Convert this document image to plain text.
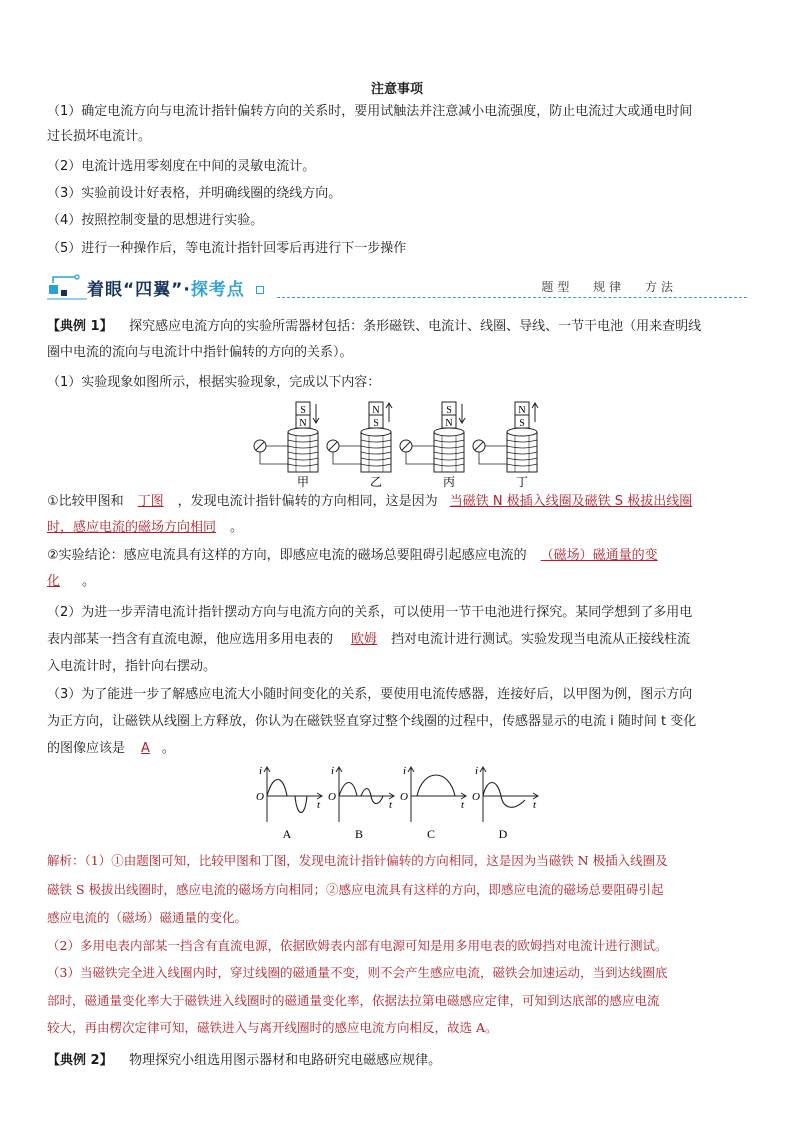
注意事项
（1）确定电流方向与电流计指针偏转方向的关系时，要用试触法并注意减小电流强度，防止电流过大或通电时间
过长损坏电流计。
（2）电流计选用零刻度在中间的灵敏电流计。
（3）实验前设计好表格，并明确线圈的绕线方向。
（4）按照控制变量的思想进行实验。
（5）进行一种操作后，等电流计指针回零后再进行下一步操作
着眼“四翼”·探考点	题型 规律 方法
【典例 1】 探究感应电流方向的实验所需器材包括：条形磁铁、电流计、线圈、导线、一节干电池（用来查明线
圈中电流的流向与电流计中指针偏转的方向的关系）。
（1）实验现象如图所示，根据实验现象，完成以下内容：
S
N
甲
N
S
乙
S
N
丙
N
S
丁
①比较甲图和 丁图 ，发现电流计指针偏转的方向相同，这是因为 当磁铁 N 极插入线圈及磁铁 S 极拔出线圈
时，感应电流的磁场方向相同 。
②实验结论：感应电流具有这样的方向，即感应电流的磁场总要阻碍引起感应电流的 （磁场）磁通量的变
化 。
（2）为进一步弄清电流计指针摆动方向与电流方向的关系，可以使用一节干电池进行探究。某同学想到了多用电
表内部某一挡含有直流电源，他应选用多用电表的 欧姆 挡对电流计进行测试。实验发现当电流从正接线柱流
入电流计时，指针向右摆动。
（3）为了能进一步了解感应电流大小随时间变化的关系，要使用电流传感器，连接好后，以甲图为例，图示方向
为正方向，让磁铁从线圈上方释放，你认为在磁铁竖直穿过整个线圈的过程中，传感器显示的电流 i 随时间 t 变化
的图像应该是 A 。
i
O
t
A
i
O
t
B
i
O
t
C
i
O
t
D
解析：（1）①由题图可知，比较甲图和丁图，发现电流计指针偏转的方向相同，这是因为当磁铁 N 极插入线圈及
磁铁 S 极拔出线圈时，感应电流的磁场方向相同；②感应电流具有这样的方向，即感应电流的磁场总要阻碍引起
感应电流的（磁场）磁通量的变化。
（2）多用电表内部某一挡含有直流电源，依据欧姆表内部有电源可知是用多用电表的欧姆挡对电流计进行测试。
（3）当磁铁完全进入线圈内时，穿过线圈的磁通量不变，则不会产生感应电流，磁铁会加速运动，当到达线圈底
部时，磁通量变化率大于磁铁进入线圈时的磁通量变化率，依据法拉第电磁感应定律，可知到达底部的感应电流
较大，再由楞次定律可知，磁铁进入与离开线圈时的感应电流方向相反，故选 A。
【典例 2】 物理探究小组选用图示器材和电路研究电磁感应规律。
